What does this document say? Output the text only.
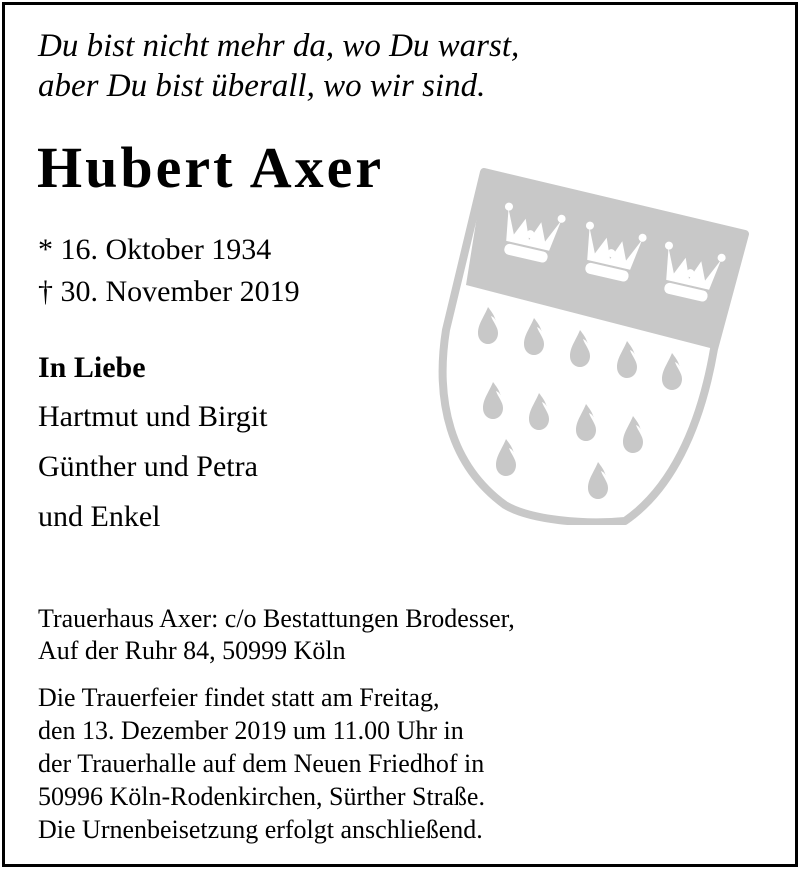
Du bist nicht mehr da, wo Du warst,

aber Du bist überall, wo wir sind.

Hubert Axer

* 16. Oktober 1934

† 30. November 2019

In Liebe

Hartmut und Birgit

Günther und Petra

und Enkel

Trauerhaus Axer: c/o Bestattungen Brodesser,

Auf der Ruhr 84, 50999 Köln

Die Trauerfeier findet statt am Freitag,

den 13. Dezember 2019 um 11.00 Uhr in

der Trauerhalle auf dem Neuen Friedhof in

50996 Köln-Rodenkirchen, Sürther Straße.

Die Urnenbeisetzung erfolgt anschließend.
